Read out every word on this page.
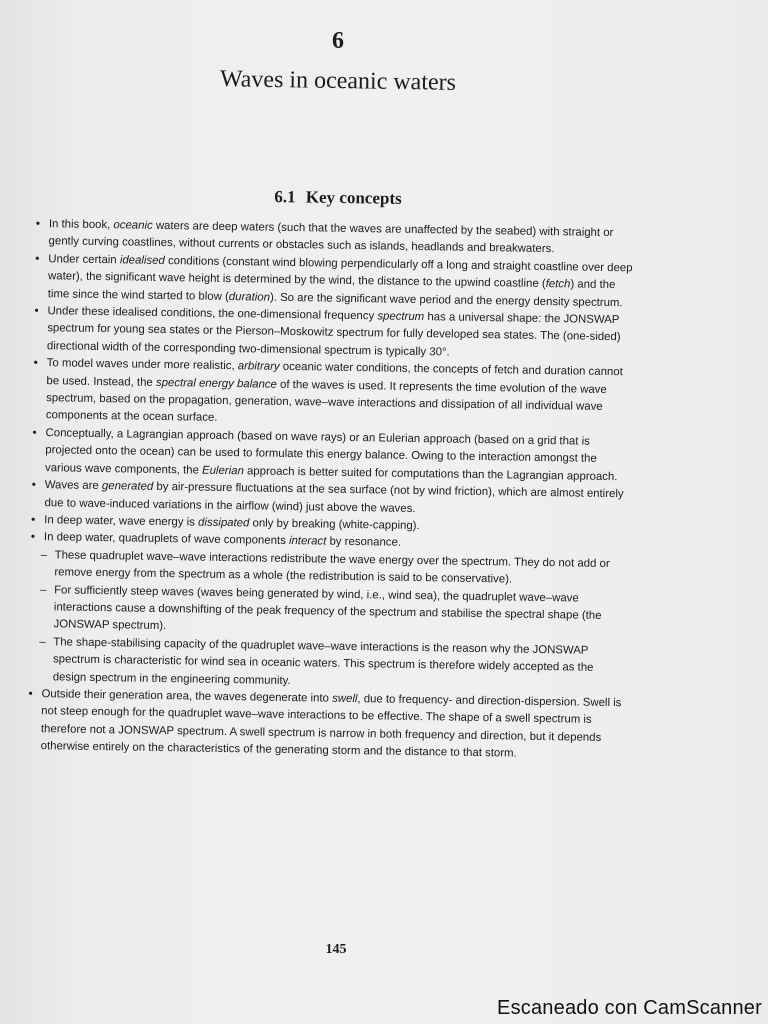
6
Waves in oceanic waters
6.1 Key concepts
• In this book, oceanic waters are deep waters (such that the waves are unaffected by the seabed) with straight or gently curving coastlines, without currents or obstacles such as islands, headlands and breakwaters.
• Under certain idealised conditions (constant wind blowing perpendicularly off a long and straight coastline over deep water), the significant wave height is determined by the wind, the distance to the upwind coastline (fetch) and the time since the wind started to blow (duration). So are the significant wave period and the energy density spectrum.
• Under these idealised conditions, the one-dimensional frequency spectrum has a universal shape: the JONSWAP spectrum for young sea states or the Pierson–Moskowitz spectrum for fully developed sea states. The (one-sided) directional width of the corresponding two-dimensional spectrum is typically 30°.
• To model waves under more realistic, arbitrary oceanic water conditions, the concepts of fetch and duration cannot be used. Instead, the spectral energy balance of the waves is used. It represents the time evolution of the wave spectrum, based on the propagation, generation, wave–wave interactions and dissipation of all individual wave components at the ocean surface.
• Conceptually, a Lagrangian approach (based on wave rays) or an Eulerian approach (based on a grid that is projected onto the ocean) can be used to formulate this energy balance. Owing to the interaction amongst the various wave components, the Eulerian approach is better suited for computations than the Lagrangian approach.
• Waves are generated by air-pressure fluctuations at the sea surface (not by wind friction), which are almost entirely due to wave-induced variations in the airflow (wind) just above the waves.
• In deep water, wave energy is dissipated only by breaking (white-capping).
• In deep water, quadruplets of wave components interact by resonance.
– These quadruplet wave–wave interactions redistribute the wave energy over the spectrum. They do not add or remove energy from the spectrum as a whole (the redistribution is said to be conservative).
– For sufficiently steep waves (waves being generated by wind, i.e., wind sea), the quadruplet wave–wave interactions cause a downshifting of the peak frequency of the spectrum and stabilise the spectral shape (the JONSWAP spectrum).
– The shape-stabilising capacity of the quadruplet wave–wave interactions is the reason why the JONSWAP spectrum is characteristic for wind sea in oceanic waters. This spectrum is therefore widely accepted as the design spectrum in the engineering community.
• Outside their generation area, the waves degenerate into swell, due to frequency- and direction-dispersion. Swell is not steep enough for the quadruplet wave–wave interactions to be effective. The shape of a swell spectrum is therefore not a JONSWAP spectrum. A swell spectrum is narrow in both frequency and direction, but it depends otherwise entirely on the characteristics of the generating storm and the distance to that storm.
145
Escaneado con CamScanner
